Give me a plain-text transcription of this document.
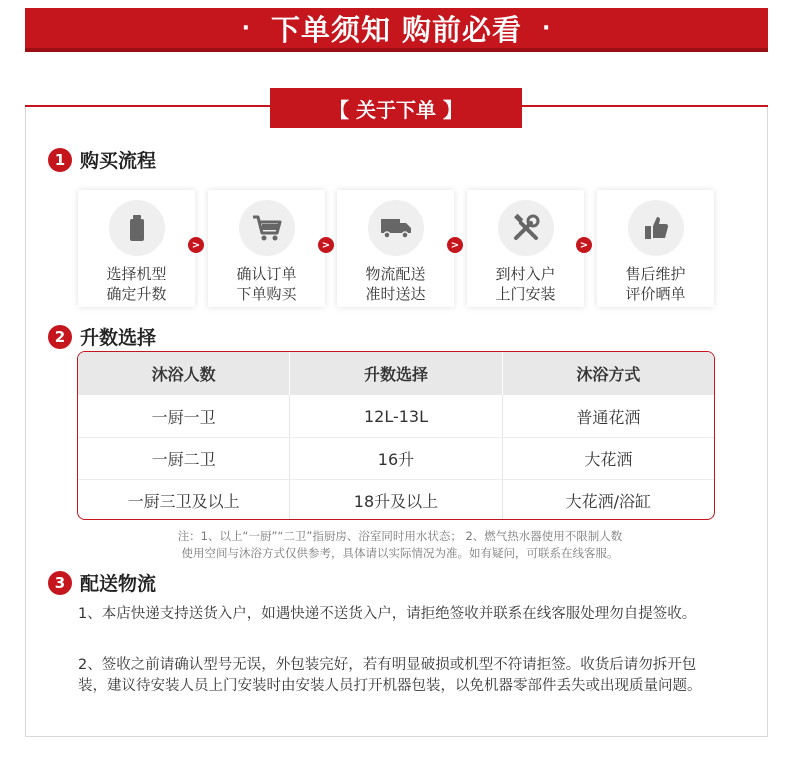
· 下单须知 购前必看 ·
【 关于下单 】
1 购买流程
选择机型
确定升数
>
确认订单
下单购买
>
物流配送
准时送达
>
到村入户
上门安装
>
售后维护
评价晒单
2 升数选择
沐浴人数	升数选择	沐浴方式
一厨一卫	12L-13L	普通花洒
一厨二卫	16升	大花洒
一厨三卫及以上	18升及以上	大花洒/浴缸
注：1、以上“一厨”“二卫”指厨房、浴室同时用水状态； 2、燃气热水器使用不限制人数
使用空间与沐浴方式仅供参考，具体请以实际情况为准。如有疑问，可联系在线客服。
3 配送物流
1、本店快递支持送货入户，如遇快递不送货入户，请拒绝签收并联系在线客服处理勿自提签收。
2、签收之前请确认型号无误，外包装完好，若有明显破损或机型不符请拒签。收货后请勿拆开包装，建议待安装人员上门安装时由安装人员打开机器包装，以免机器零部件丢失或出现质量问题。
